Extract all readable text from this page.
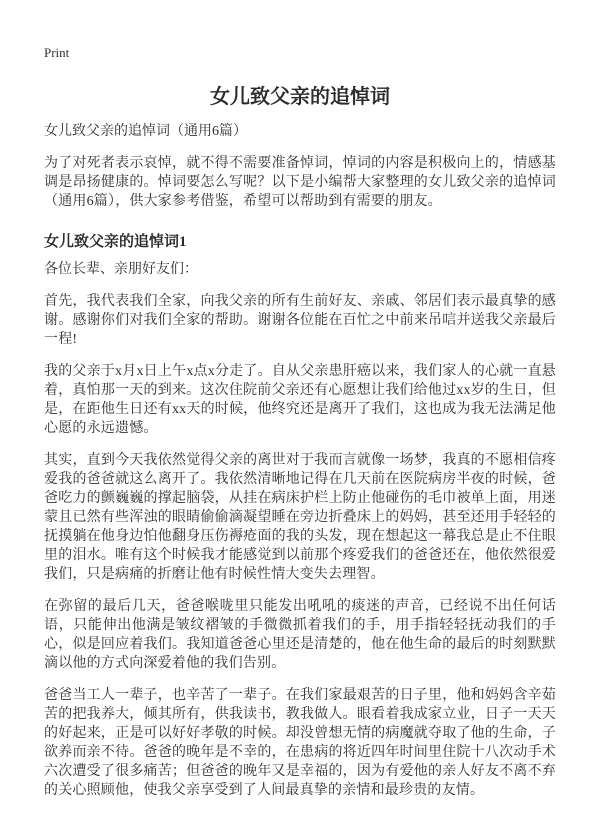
Print
女儿致父亲的追悼词
女儿致父亲的追悼词（通用6篇）

为了对死者表示哀悼，就不得不需要准备悼词，悼词的内容是积极向上的，情感基调是昂扬健康的。悼词要怎么写呢？以下是小编帮大家整理的女儿致父亲的追悼词（通用6篇），供大家参考借鉴，希望可以帮助到有需要的朋友。

女儿致父亲的追悼词1
各位长辈、亲朋好友们：

首先，我代表我们全家，向我父亲的所有生前好友、亲戚、邻居们表示最真挚的感谢。感谢你们对我们全家的帮助。谢谢各位能在百忙之中前来吊唁并送我父亲最后一程!

我的父亲于x月x日上午x点x分走了。自从父亲患肝癌以来，我们家人的心就一直悬着，真怕那一天的到来。这次住院前父亲还有心愿想让我们给他过xx岁的生日，但是，在距他生日还有xx天的时候，他终究还是离开了我们，这也成为我无法满足他心愿的永远遗憾。

其实，直到今天我依然觉得父亲的离世对于我而言就像一场梦，我真的不愿相信疼爱我的爸爸就这么离开了。我依然清晰地记得在几天前在医院病房半夜的时候，爸爸吃力的颤巍巍的撑起脑袋，从挂在病床护栏上防止他碰伤的毛巾被单上面，用迷蒙且已然有些浑浊的眼睛偷偷滴凝望睡在旁边折叠床上的妈妈，甚至还用手轻轻的抚摸躺在他身边怕他翻身压伤褥疮面的我的头发，现在想起这一幕我总是止不住眼里的泪水。唯有这个时候我才能感觉到以前那个疼爱我们的爸爸还在，他依然很爱我们，只是病痛的折磨让他有时候性情大变失去理智。

在弥留的最后几天，爸爸喉咙里只能发出吼吼的痰迷的声音，已经说不出任何话语，只能伸出他满是皱纹褶皱的手微微抓着我们的手，用手指轻轻抚动我们的手心，似是回应着我们。我知道爸爸心里还是清楚的，他在他生命的最后的时刻默默滴以他的方式向深爱着他的我们告别。

爸爸当工人一辈子，也辛苦了一辈子。在我们家最艰苦的日子里，他和妈妈含辛茹苦的把我养大，倾其所有，供我读书，教我做人。眼看着我成家立业，日子一天天的好起来，正是可以好好孝敬的时候。却没曾想无情的病魔就夺取了他的生命，子欲养而亲不待。爸爸的晚年是不幸的，在患病的将近四年时间里住院十八次动手术六次遭受了很多痛苦；但爸爸的晚年又是幸福的，因为有爱他的亲人好友不离不弃的关心照顾他，使我父亲享受到了人间最真挚的亲情和最珍贵的友情。
